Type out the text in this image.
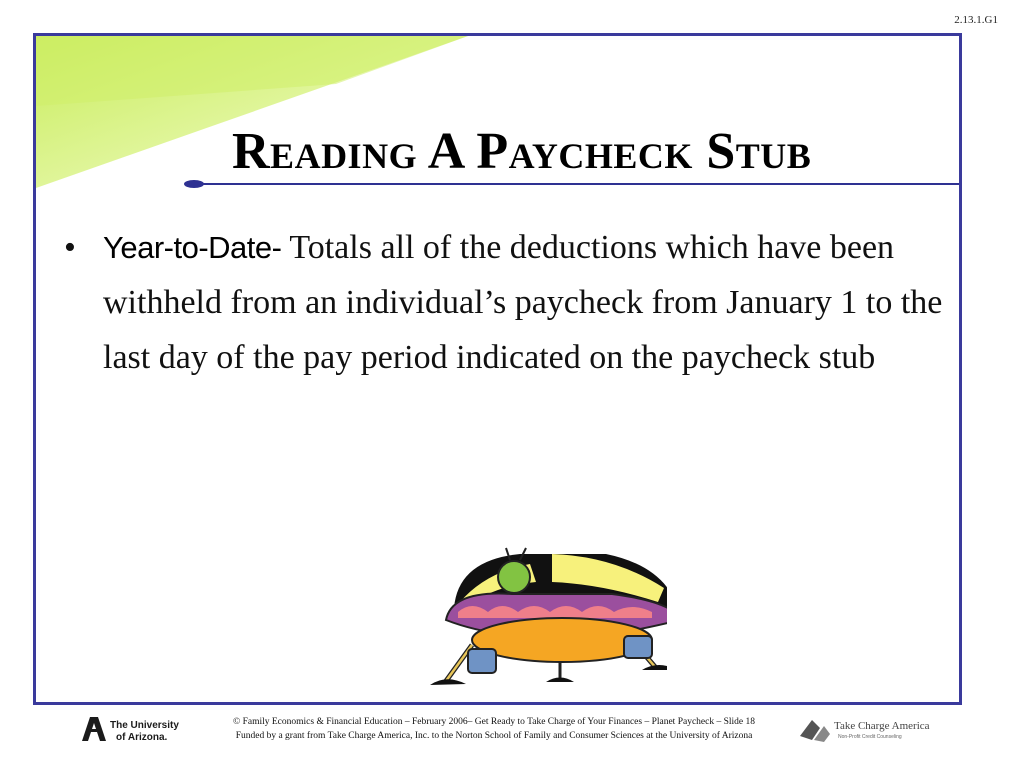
2.13.1.G1
Reading A Paycheck Stub
• Year-to-Date- Totals all of the deductions which have been withheld from an individual’s paycheck from January 1 to the last day of the pay period indicated on the paycheck stub
The University
of Arizona.
© Family Economics & Financial Education – February 2006– Get Ready to Take Charge of Your Finances – Planet Paycheck – Slide 18
Funded by a grant from Take Charge America, Inc. to the Norton School of Family and Consumer Sciences at the University of Arizona
Take Charge America
Non-Profit Credit Counseling
